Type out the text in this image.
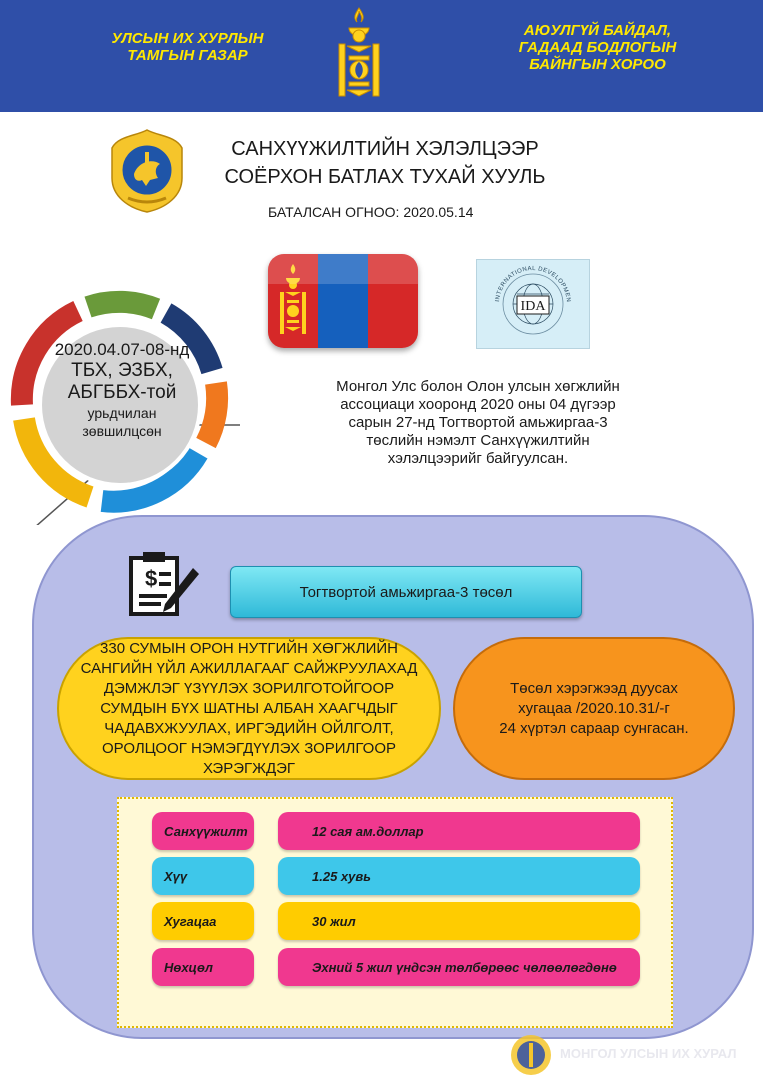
УЛСЫН ИХ ХУРЛЫН ТАМГЫН ГАЗАР
АЮУЛГҮЙ БАЙДАЛ, ГАДААД БОДЛОГЫН БАЙНГЫН ХОРОО
САНХҮҮЖИЛТИЙН ХЭЛЭЛЦЭЭР
СОЁРХОН БАТЛАХ ТУХАЙ ХУУЛЬ
БАТАЛСАН ОГНОО: 2020.05.14
INTERNATIONAL DEVELOPMEN
IDA
2020.04.07-08-нд
ТБХ, ЭЗБХ,
АБГББХ-той
урьдчилан
зөвшилцсөн
Монгол Улс болон Олон улсын хөгжлийн
ассоциаци хооронд 2020 оны 04 дүгээр
сарын 27-нд Тогтвортой амьжиргаа-3
төслийн нэмэлт Санхүүжилтийн
хэлэлцээрийг байгуулсан.
$
Тогтвортой амьжиргаа-3 төсөл
330 СУМЫН ОРОН НУТГИЙН ХӨГЖЛИЙН САНГИЙН ҮЙЛ АЖИЛЛАГААГ САЙЖРУУЛАХАД ДЭМЖЛЭГ ҮЗҮҮЛЭХ ЗОРИЛГОТОЙГООР СУМДЫН БҮХ ШАТНЫ АЛБАН ХААГЧДЫГ ЧАДАВХЖУУЛАХ, ИРГЭДИЙН ОЙЛГОЛТ, ОРОЛЦООГ НЭМЭГДҮҮЛЭХ ЗОРИЛГООР ХЭРЭГЖДЭГ
Төсөл хэрэгжээд дуусах
хугацаа /2020.10.31/-г
24 хүртэл сараар сунгасан.
Санхүүжилт	12 сая ам.доллар
Хүү	1.25 хувь
Хугацаа	30 жил
Нөхцөл	Эхний 5 жил үндсэн төлбөрөөс чөлөөлөгдөнө
МОНГОЛ УЛСЫН ИХ ХУРАЛ
